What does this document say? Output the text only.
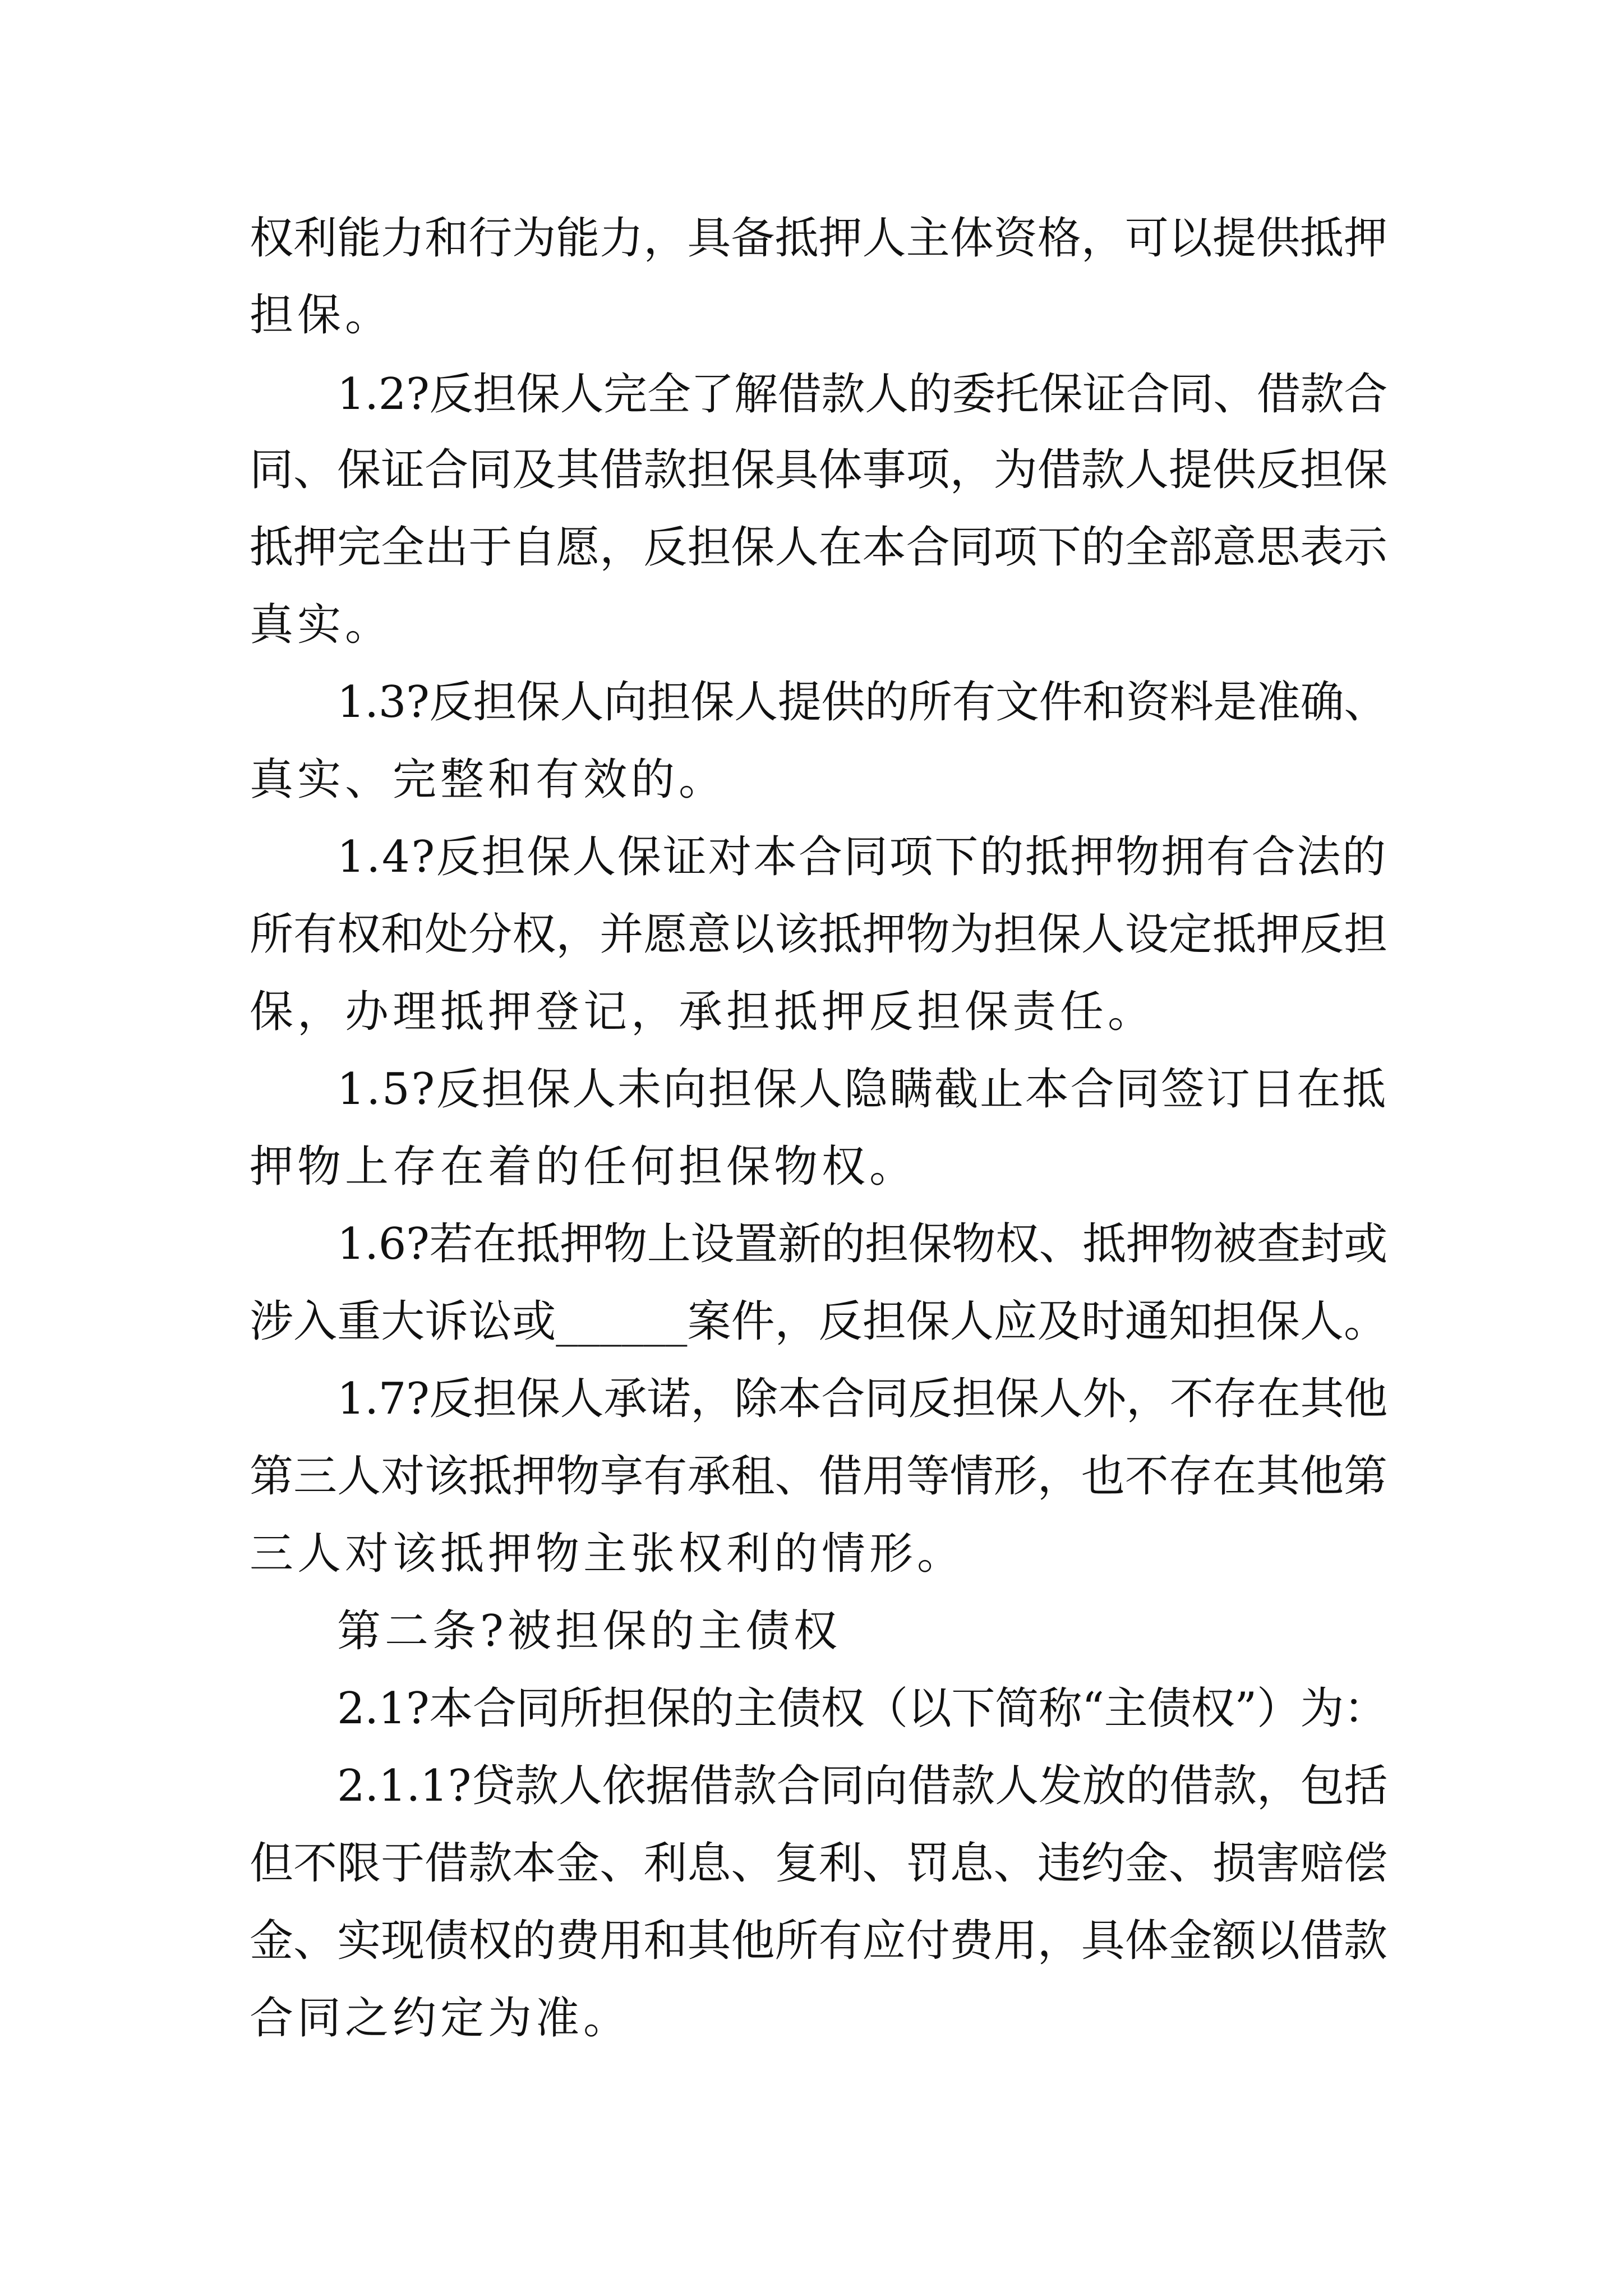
权利能力和行为能力，具备抵押人主体资格，可以提供抵押

担保。

1.2?反担保人完全了解借款人的委托保证合同、借款合

同、保证合同及其借款担保具体事项，为借款人提供反担保

抵押完全出于自愿，反担保人在本合同项下的全部意思表示

真实。

1.3?反担保人向担保人提供的所有文件和资料是准确、

真实、完整和有效的。

1.4?反担保人保证对本合同项下的抵押物拥有合法的

所有权和处分权，并愿意以该抵押物为担保人设定抵押反担

保，办理抵押登记，承担抵押反担保责任。

1.5?反担保人未向担保人隐瞒截止本合同签订日在抵

押物上存在着的任何担保物权。

1.6?若在抵押物上设置新的担保物权、抵押物被查封或

涉入重大诉讼或______案件，反担保人应及时通知担保人。

1.7?反担保人承诺，除本合同反担保人外，不存在其他

第三人对该抵押物享有承租、借用等情形，也不存在其他第

三人对该抵押物主张权利的情形。

第二条?被担保的主债权

2.1?本合同所担保的主债权（以下简称“主债权”）为：

2.1.1?贷款人依据借款合同向借款人发放的借款，包括

但不限于借款本金、利息、复利、罚息、违约金、损害赔偿

金、实现债权的费用和其他所有应付费用，具体金额以借款

合同之约定为准。
